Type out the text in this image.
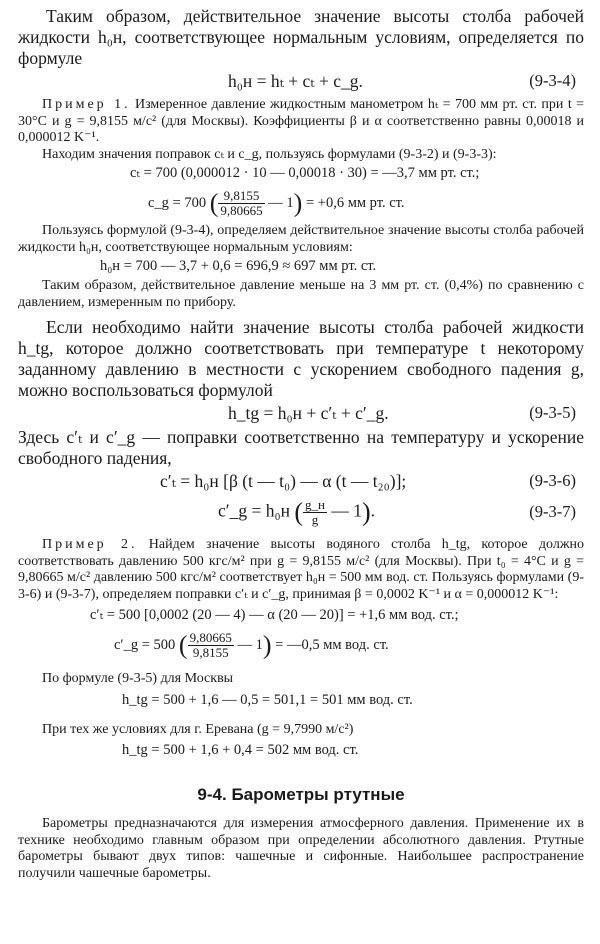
Таким образом, действительное значение высоты столба рабочей жидкости h₀н, соответствующее нормальным условиям, определяется по формуле

h₀н = hₜ + cₜ + c_g.	(9-3-4)

Пример 1. Измеренное давление жидкостным манометром hₜ = 700 мм рт. ст. при t = 30°C и g = 9,8155 м/с² (для Москвы). Коэффициенты β и α соответственно равны 0,00018 и 0,000012 K⁻¹.

Находим значения поправок cₜ и c_g, пользуясь формулами (9-3-2) и (9-3-3):

cₜ = 700 (0,000012 · 10 — 0,00018 · 30) = —3,7 мм рт. ст.;
c_g = 700 ( $\frac{9,8155}{9,80665}$ — 1) = +0,6 мм рт. ст.

Пользуясь формулой (9-3-4), определяем действительное значение высоты столба рабочей жидкости h₀н, соответствующее нормальным условиям:

h₀н = 700 — 3,7 + 0,6 = 696,9 ≈ 697 мм рт. ст.

Таким образом, действительное давление меньше на 3 мм рт. ст. (0,4%) по сравнению с давлением, измеренным по прибору.

Если необходимо найти значение высоты столба рабочей жидкости h_tg, которое должно соответствовать при температуре t некоторому заданному давлению в местности с ускорением свободного падения g, можно воспользоваться формулой

h_tg = h₀н + c′ₜ + c′_g.	(9-3-5)

Здесь c′ₜ и c′_g — поправки соответственно на температуру и ускорение свободного падения,

c′ₜ = h₀н [β (t — t₀) — α (t — t₂₀)];	(9-3-6)
c′_g = h₀н ( $\frac{g\_н}{g}$ — 1).	(9-3-7)

Пример 2. Найдем значение высоты водяного столба h_tg, которое должно соответствовать давлению 500 кгс/м² при g = 9,8155 м/с² (для Москвы). При t₀ = 4°C и g = 9,80665 м/с² давлению 500 кгс/м² соответствует h₀н = 500 мм вод. ст. Пользуясь формулами (9-3-6) и (9-3-7), определяем поправки c′ₜ и c′_g, принимая β = 0,0002 K⁻¹ и α = 0,000012 K⁻¹:

c′ₜ = 500 [0,0002 (20 — 4) — α (20 — 20)] = +1,6 мм вод. ст.;
c′_g = 500 ( $\frac{9,80665}{9,8155}$ — 1) = —0,5 мм вод. ст.

По формуле (9-3-5) для Москвы

h_tg = 500 + 1,6 — 0,5 = 501,1 = 501 мм вод. ст.

При тех же условиях для г. Еревана (g = 9,7990 м/с²)

h_tg = 500 + 1,6 + 0,4 = 502 мм вод. ст.
9-4. Барометры ртутные

Барометры предназначаются для измерения атмосферного давления. Применение их в технике необходимо главным образом при определении абсолютного давления. Ртутные барометры бывают двух типов: чашечные и сифонные. Наибольшее распространение получили чашечные барометры.
